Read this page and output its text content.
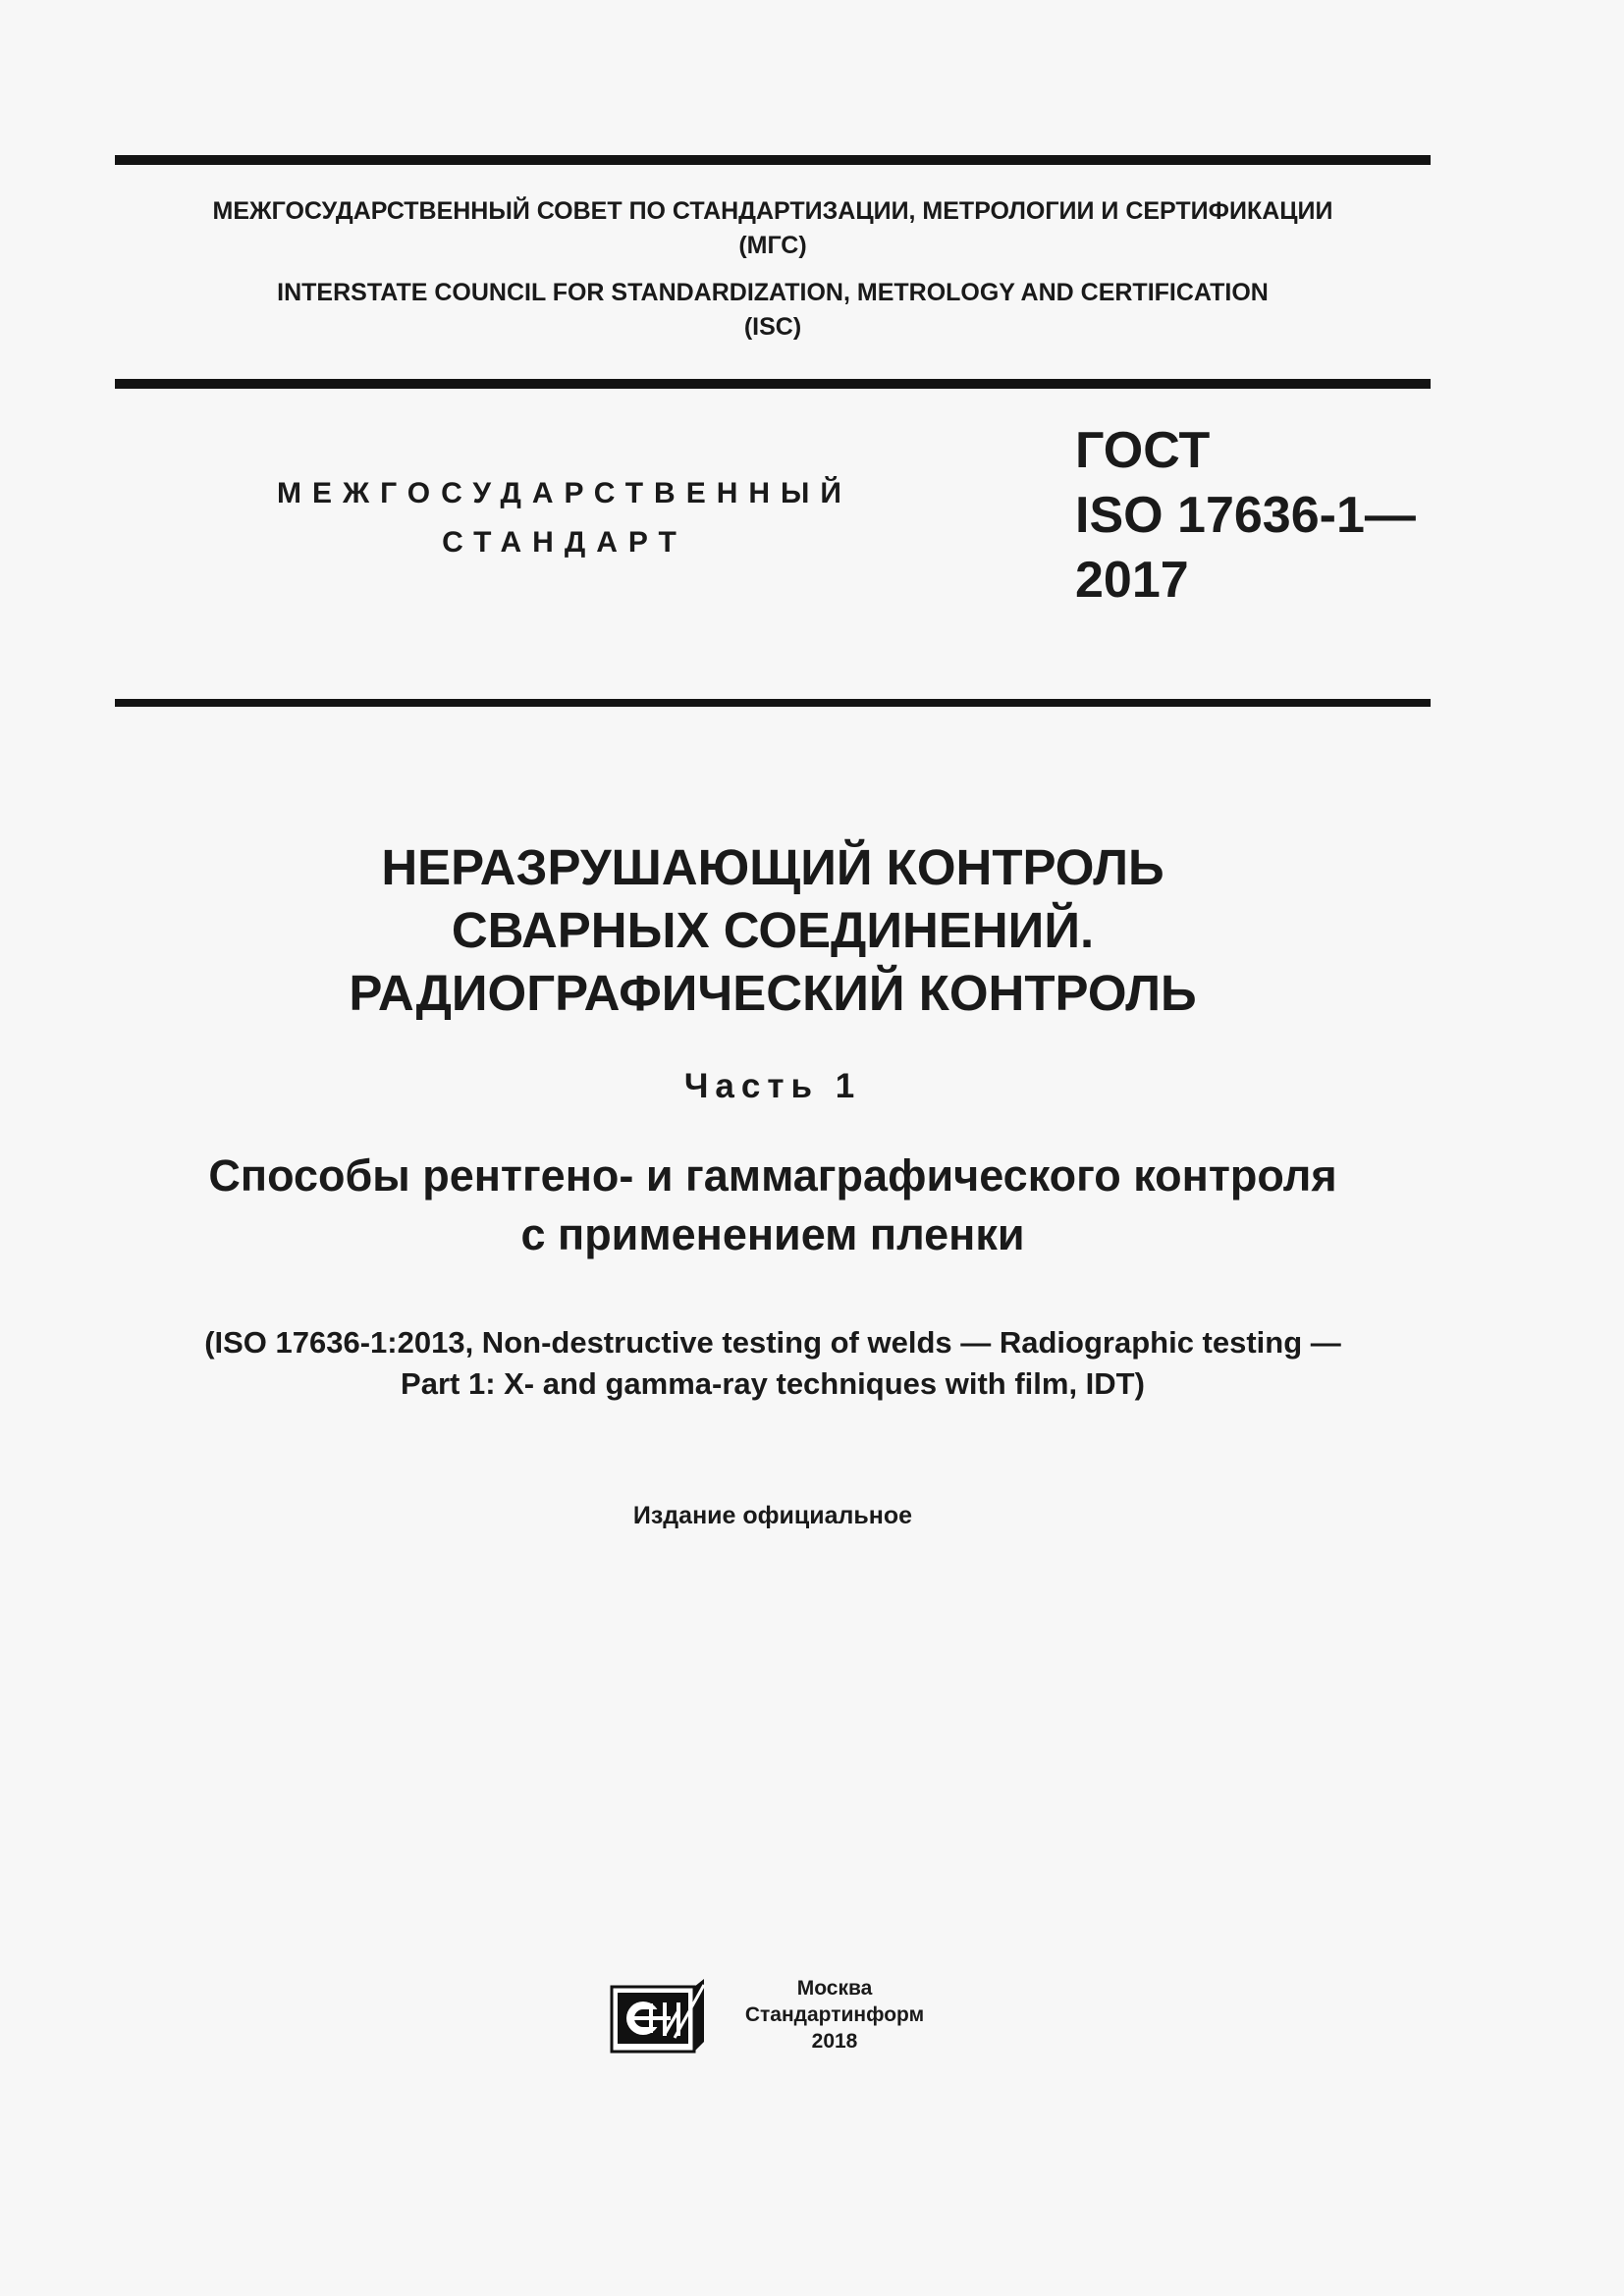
МЕЖГОСУДАРСТВЕННЫЙ СОВЕТ ПО СТАНДАРТИЗАЦИИ, МЕТРОЛОГИИ И СЕРТИФИКАЦИИ
(МГС)
INTERSTATE COUNCIL FOR STANDARDIZATION, METROLOGY AND CERTIFICATION
(ISC)
МЕЖГОСУДАРСТВЕННЫЙ
СТАНДАРТ
ГОСТ
ISO 17636-1—
2017
НЕРАЗРУШАЮЩИЙ КОНТРОЛЬ
СВАРНЫХ СОЕДИНЕНИЙ.
РАДИОГРАФИЧЕСКИЙ КОНТРОЛЬ
Часть 1
Способы рентгено- и гаммаграфического контроля
с применением пленки
(ISO 17636-1:2013, Non-destructive testing of welds — Radiographic testing —
Part 1: X- and gamma-ray techniques with film, IDT)
Издание официальное
Москва
Стандартинформ
2018
